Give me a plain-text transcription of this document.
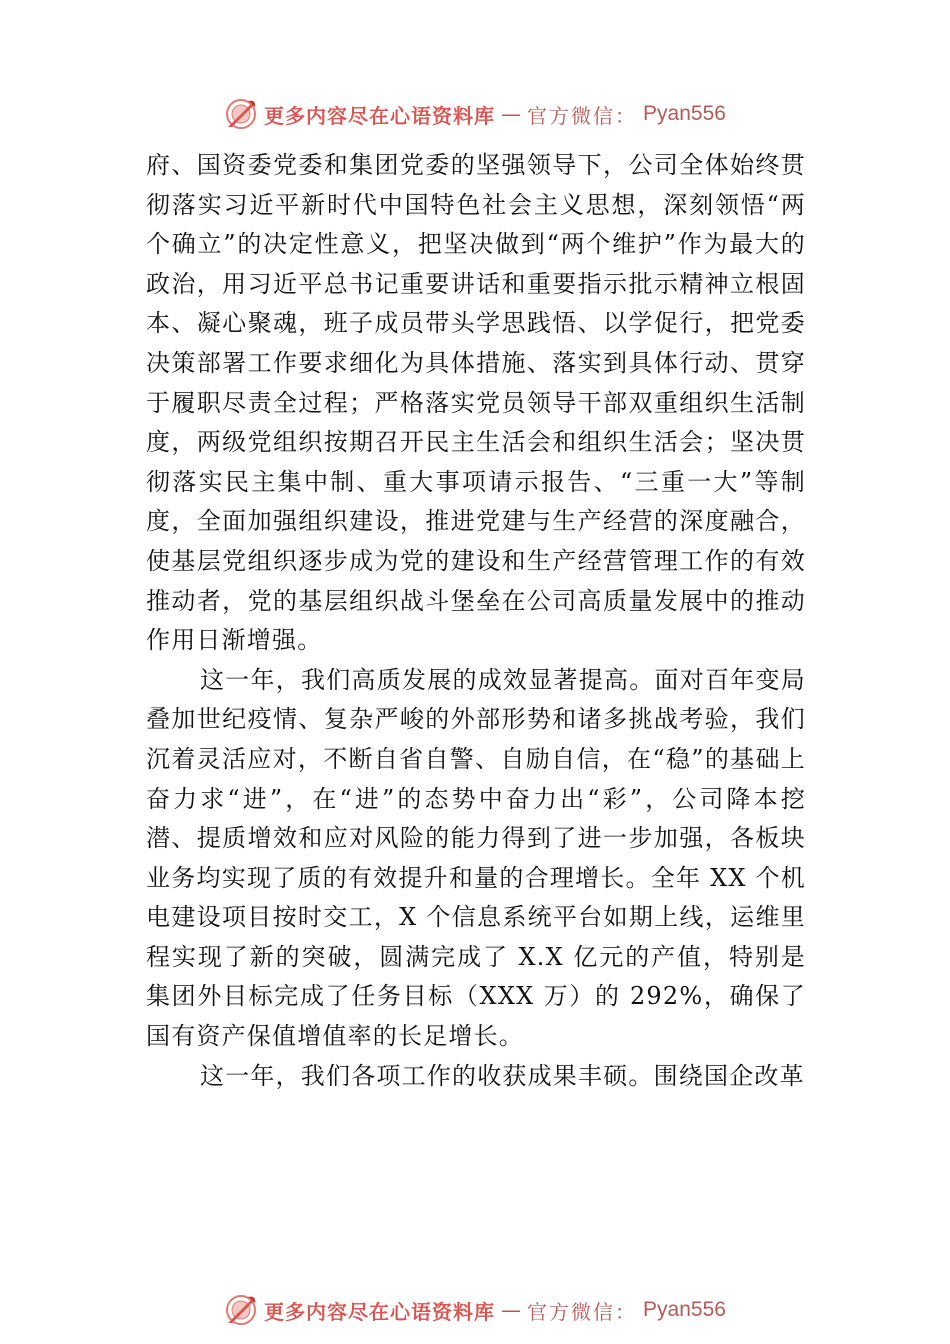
更多内容尽在心语资料库 — 官方微信： Pyan556

府、国资委党委和集团党委的坚强领导下，公司全体始终贯彻落实习近平新时代中国特色社会主义思想，深刻领悟“两个确立”的决定性意义，把坚决做到“两个维护”作为最大的政治，用习近平总书记重要讲话和重要指示批示精神立根固本、凝心聚魂，班子成员带头学思践悟、以学促行，把党委决策部署工作要求细化为具体措施、落实到具体行动、贯穿于履职尽责全过程；严格落实党员领导干部双重组织生活制度，两级党组织按期召开民主生活会和组织生活会；坚决贯彻落实民主集中制、重大事项请示报告、“三重一大”等制度，全面加强组织建设，推进党建与生产经营的深度融合， 使基层党组织逐步成为党的建设和生产经营管理工作的有效推动者，党的基层组织战斗堡垒在公司高质量发展中的推动作用日渐增强。

这一年，我们高质发展的成效显著提高。面对百年变局叠加世纪疫情、复杂严峻的外部形势和诸多挑战考验，我们沉着灵活应对，不断自省自警、自励自信，在“稳”的基础上奋力求“进”，在“进”的态势中奋力出“彩”，公司降本挖潜、提质增效和应对风险的能力得到了进一步加强，各板块业务均实现了质的有效提升和量的合理增长。全年 XX 个机电建设项目按时交工，X 个信息系统平台如期上线，运维里程实现了新的突破，圆满完成了 X.X 亿元的产值，特别是集团外目标完成了任务目标（XXX 万）的 292%，确保了国有资产保值增值率的长足增长。

这一年，我们各项工作的收获成果丰硕。围绕国企改革

更多内容尽在心语资料库 — 官方微信： Pyan556
